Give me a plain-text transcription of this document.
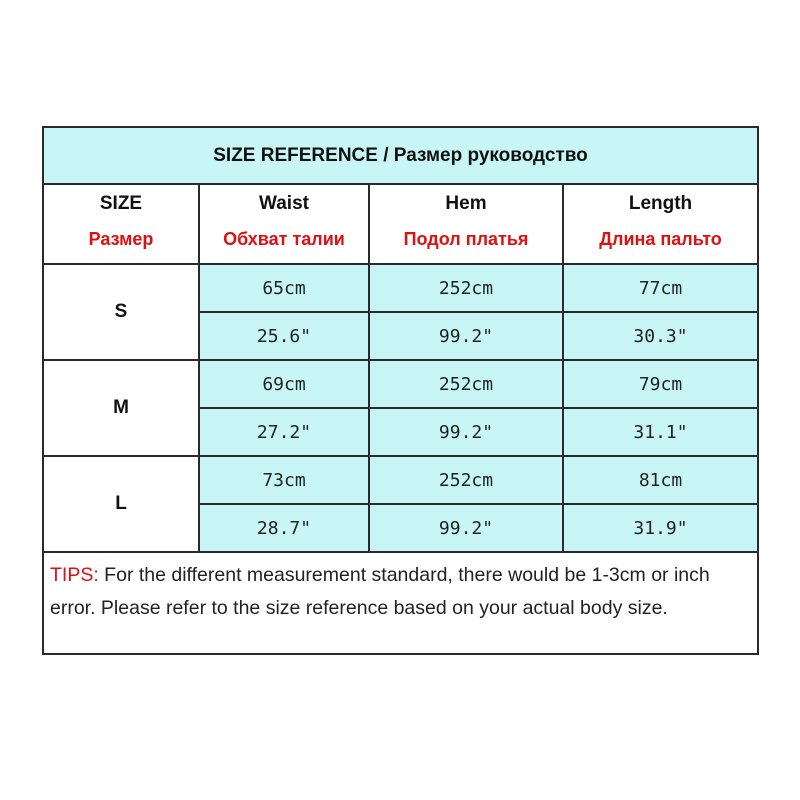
SIZE REFERENCE / Размер руководство			
SIZE	Waist	Hem	Length
Размер	Обхват талии	Подол платья	Длина пальто
S	65cm	252cm	77cm
	25.6"	99.2"	30.3"
M	69cm	252cm	79cm
	27.2"	99.2"	31.1"
L	73cm	252cm	81cm
	28.7"	99.2"	31.9"
TIPS: For the different measurement standard, there would be 1-3cm or inch error. Please refer to the size reference based on your actual body size.			
